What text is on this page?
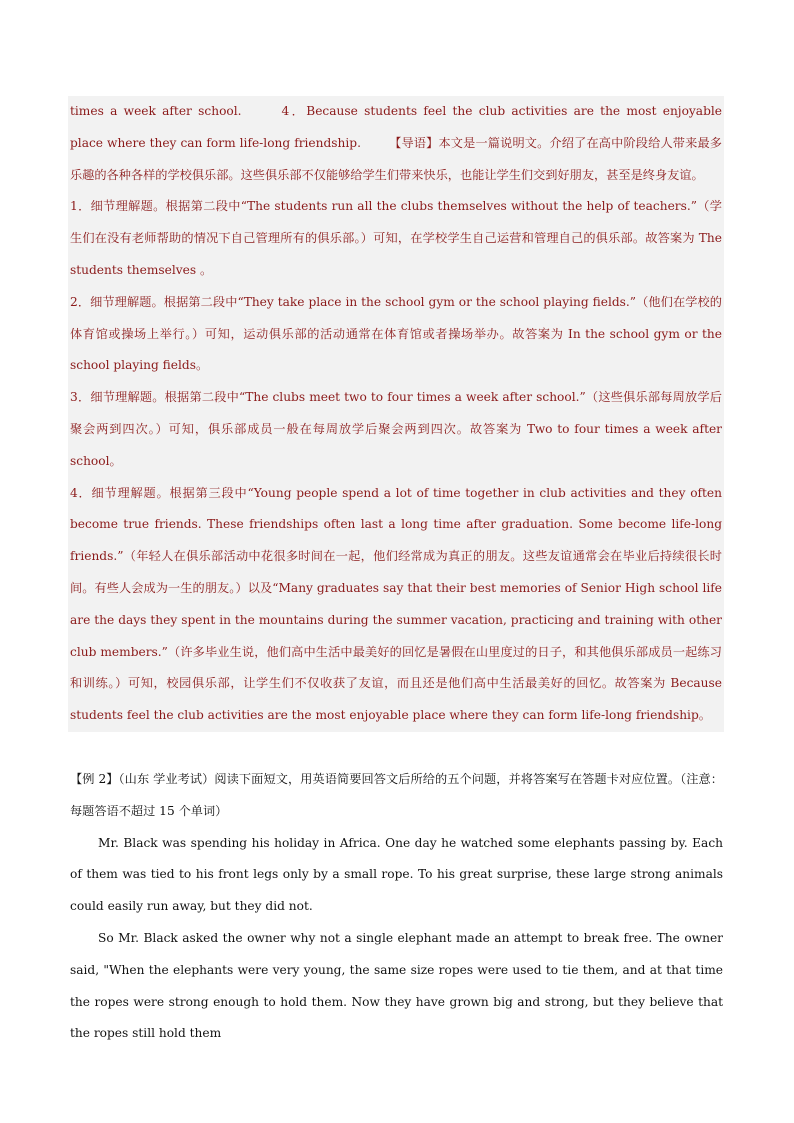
times a week after school.	4．Because students feel the club activities are the most enjoyable place where they can form life-long friendship. 【导语】本文是一篇说明文。介绍了在高中阶段给人带来最多乐趣的各种各样的学校俱乐部。这些俱乐部不仅能够给学生们带来快乐，也能让学生们交到好朋友，甚至是终身友谊。

1．细节理解题。根据第二段中“The students run all the clubs themselves without the help of teachers.”（学生们在没有老师帮助的情况下自己管理所有的俱乐部。）可知，在学校学生自己运营和管理自己的俱乐部。故答案为 The students themselves 。

2．细节理解题。根据第二段中“They take place in the school gym or the school playing fields.”（他们在学校的体育馆或操场上举行。）可知，运动俱乐部的活动通常在体育馆或者操场举办。故答案为 In the school gym or the school playing fields。

3．细节理解题。根据第二段中“The clubs meet two to four times a week after school.”（这些俱乐部每周放学后聚会两到四次。）可知，俱乐部成员一般在每周放学后聚会两到四次。故答案为 Two to four times a week after school。

4．细节理解题。根据第三段中“Young people spend a lot of time together in club activities and they often become true friends. These friendships often last a long time after graduation. Some become life-long friends.”（年轻人在俱乐部活动中花很多时间在一起，他们经常成为真正的朋友。这些友谊通常会在毕业后持续很长时间。有些人会成为一生的朋友。）以及“Many graduates say that their best memories of Senior High school life are the days they spent in the mountains during the summer vacation, practicing and training with other club members.”（许多毕业生说，他们高中生活中最美好的回忆是暑假在山里度过的日子，和其他俱乐部成员一起练习和训练。）可知，校园俱乐部，让学生们不仅收获了友谊，而且还是他们高中生活最美好的回忆。故答案为 Because students feel the club activities are the most enjoyable place where they can form life-long friendship。

【例 2】（山东 学业考试）阅读下面短文，用英语简要回答文后所给的五个问题，并将答案写在答题卡对应位置。（注意：每题答语不超过 15 个单词）

Mr. Black was spending his holiday in Africa. One day he watched some elephants passing by. Each of them was tied to his front legs only by a small rope. To his great surprise, these large strong animals could easily run away, but they did not.

So Mr. Black asked the owner why not a single elephant made an attempt to break free. The owner said, "When the elephants were very young, the same size ropes were used to tie them, and at that time the ropes were strong enough to hold them. Now they have grown big and strong, but they believe that the ropes still hold them
